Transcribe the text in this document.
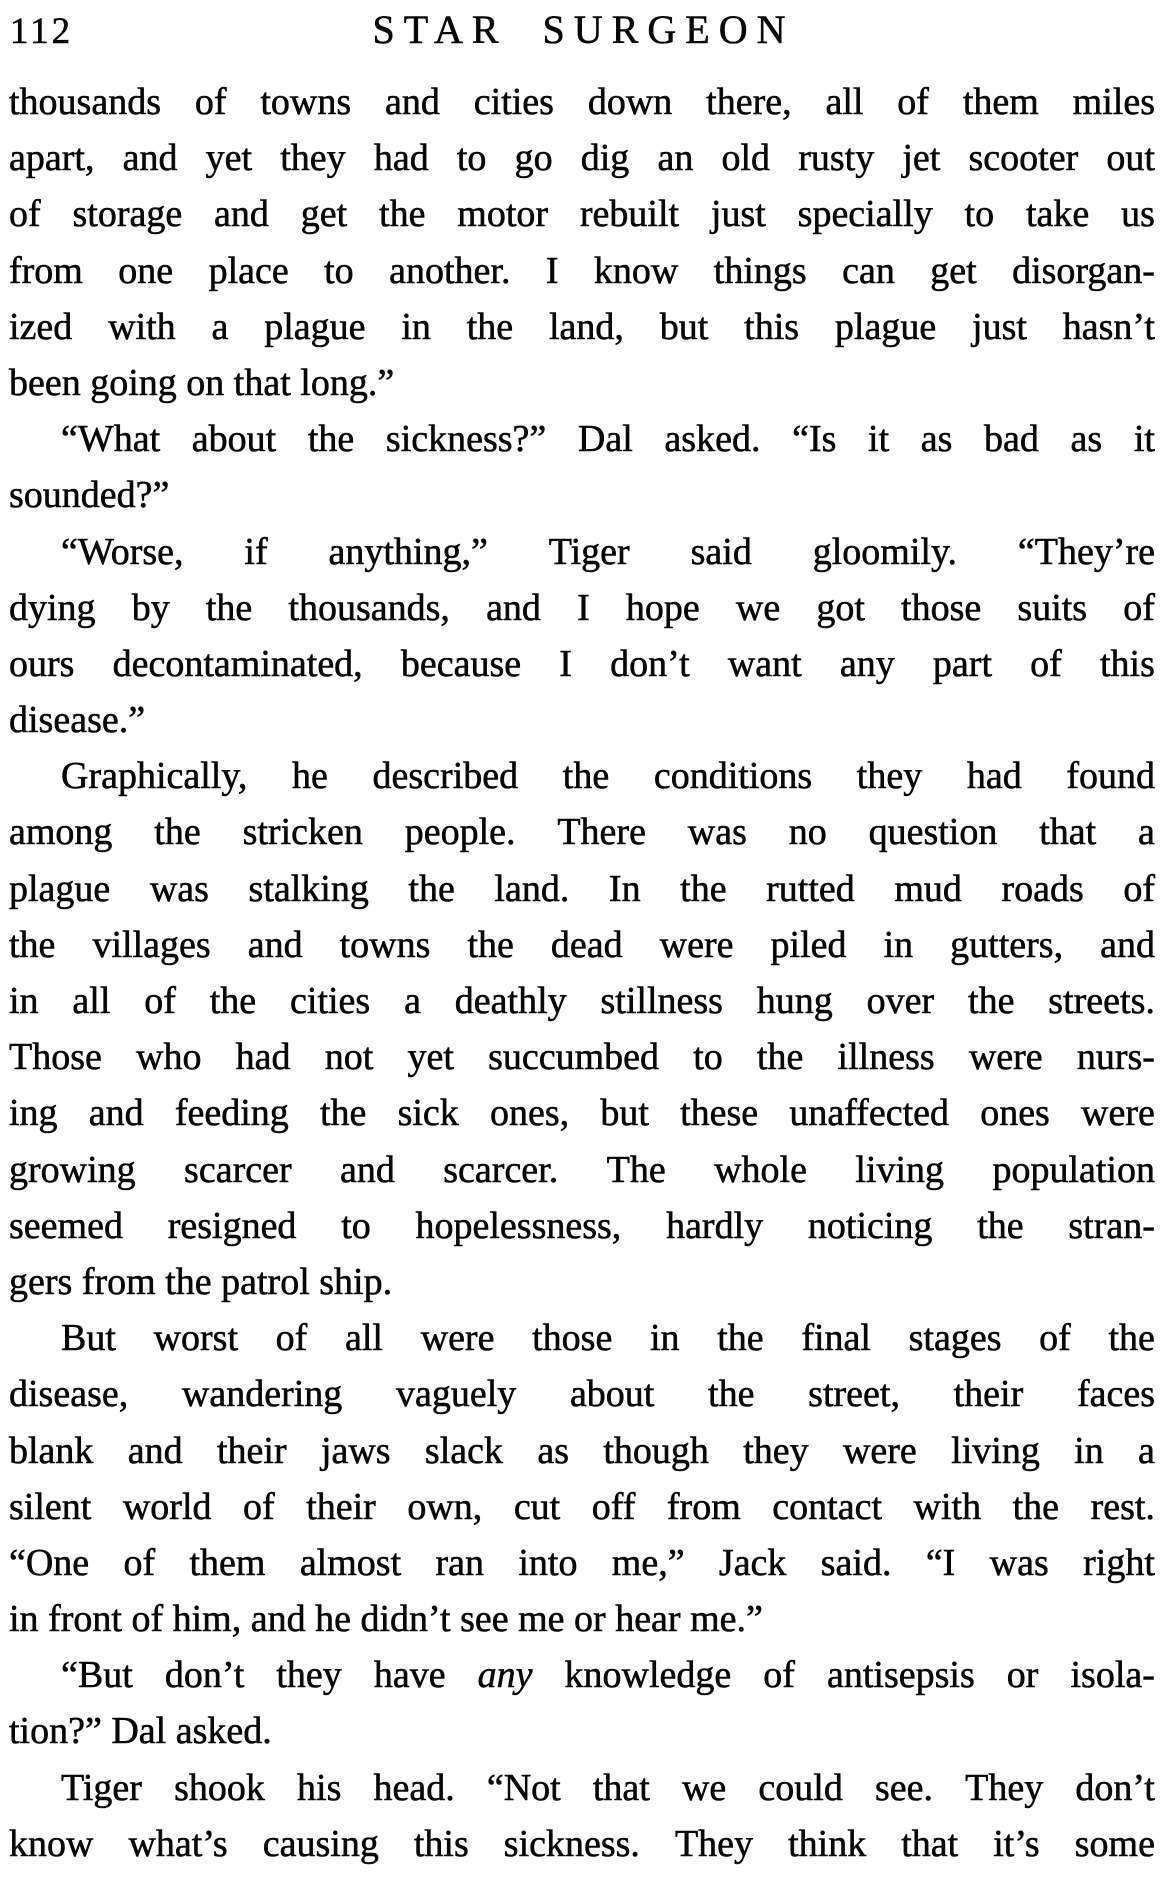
112	STAR SURGEON
thousands of towns and cities down there, all of them miles
apart, and yet they had to go dig an old rusty jet scooter out
of storage and get the motor rebuilt just specially to take us
from one place to another. I know things can get disorgan-
ized with a plague in the land, but this plague just hasn’t
been going on that long.”
“What about the sickness?” Dal asked. “Is it as bad as it
sounded?”
“Worse, if anything,” Tiger said gloomily. “They’re
dying by the thousands, and I hope we got those suits of
ours decontaminated, because I don’t want any part of this
disease.”
Graphically, he described the conditions they had found
among the stricken people. There was no question that a
plague was stalking the land. In the rutted mud roads of
the villages and towns the dead were piled in gutters, and
in all of the cities a deathly stillness hung over the streets.
Those who had not yet succumbed to the illness were nurs-
ing and feeding the sick ones, but these unaffected ones were
growing scarcer and scarcer. The whole living population
seemed resigned to hopelessness, hardly noticing the stran-
gers from the patrol ship.
But worst of all were those in the final stages of the
disease, wandering vaguely about the street, their faces
blank and their jaws slack as though they were living in a
silent world of their own, cut off from contact with the rest.
“One of them almost ran into me,” Jack said. “I was right
in front of him, and he didn’t see me or hear me.”
“But don’t they have any knowledge of antisepsis or isola-
tion?” Dal asked.
Tiger shook his head. “Not that we could see. They don’t
know what’s causing this sickness. They think that it’s some
